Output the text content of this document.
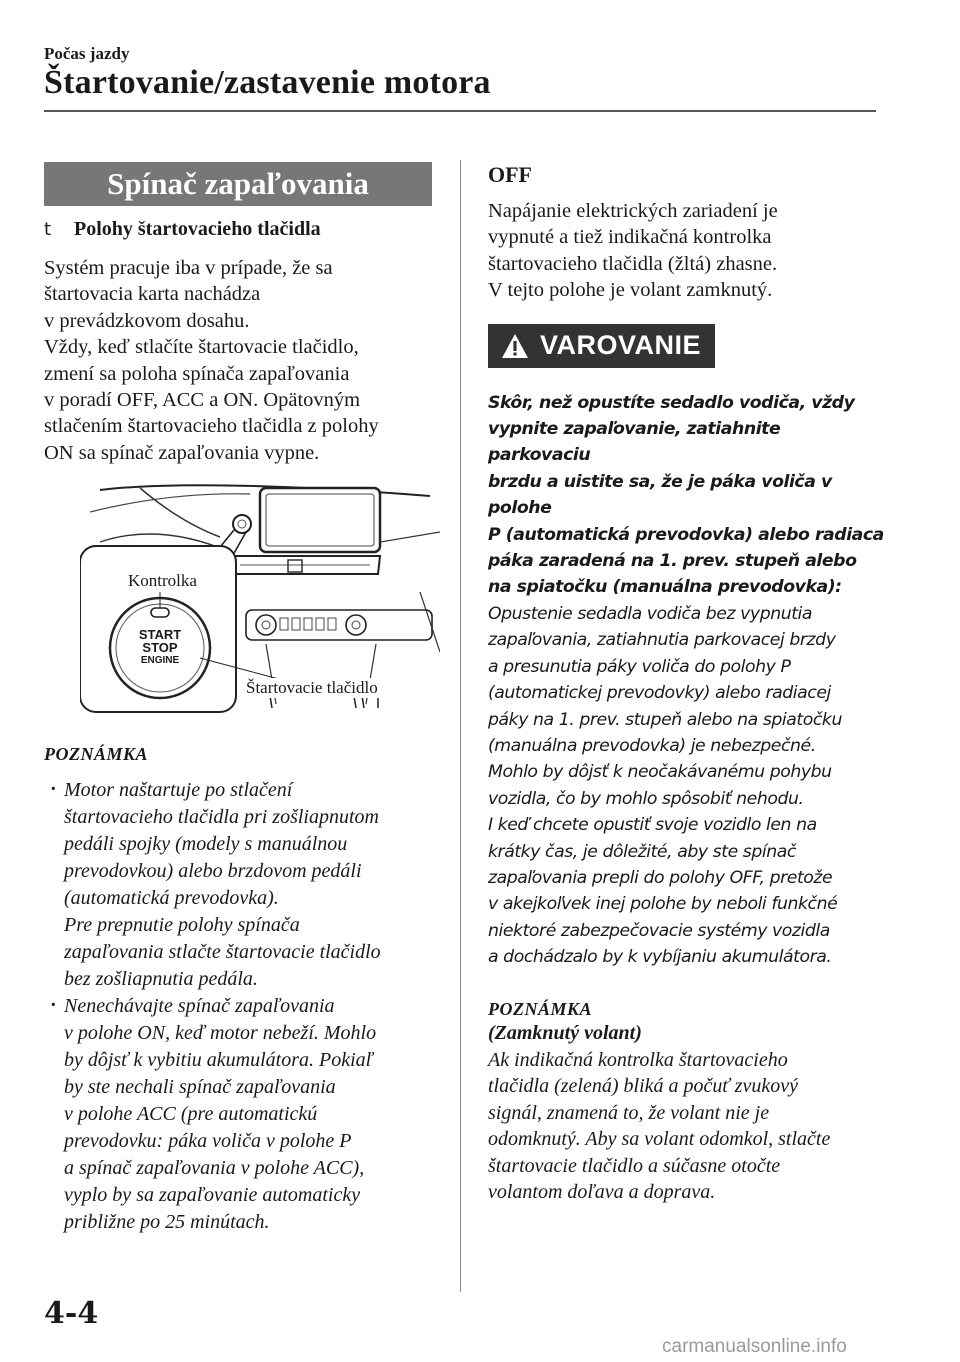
Počas jazdy
Štartovanie/zastavenie motora
Spínač zapaľovania
t	Polohy štartovacieho tlačidla
Systém pracuje iba v prípade, že sa
štartovacia karta nachádza
v prevádzkovom dosahu.
Vždy, keď stlačíte štartovacie tlačidlo,
zmení sa poloha spínača zapaľovania
v poradí OFF, ACC a ON. Opätovným
stlačením štartovacieho tlačidla z polohy
ON sa spínač zapaľovania vypne.
Kontrolka
START
STOP
ENGINE
Štartovacie tlačidlo
POZNÁMKA
· Motor naštartuje po stlačení
štartovacieho tlačidla pri zošliapnutom
pedáli spojky (modely s manuálnou
prevodovkou) alebo brzdovom pedáli
(automatická prevodovka).
Pre prepnutie polohy spínača
zapaľovania stlačte štartovacie tlačidlo
bez zošliapnutia pedála.
· Nenechávajte spínač zapaľovania
v polohe ON, keď motor nebeží. Mohlo
by dôjsť k vybitiu akumulátora. Pokiaľ
by ste nechali spínač zapaľovania
v polohe ACC (pre automatickú
prevodovku: páka voliča v polohe P
a spínač zapaľovania v polohe ACC),
vyplo by sa zapaľovanie automaticky
približne po 25 minútach.
OFF
Napájanie elektrických zariadení je
vypnuté a tiež indikačná kontrolka
štartovacieho tlačidla (žltá) zhasne.
V tejto polohe je volant zamknutý.
VAROVANIE
Skôr, než opustíte sedadlo vodiča, vždy
vypnite zapaľovanie, zatiahnite parkovaciu
brzdu a uistite sa, že je páka voliča v polohe
P (automatická prevodovka) alebo radiaca
páka zaradená na 1. prev. stupeň alebo
na spiatočku (manuálna prevodovka):
Opustenie sedadla vodiča bez vypnutia
zapaľovania, zatiahnutia parkovacej brzdy
a presunutia páky voliča do polohy P
(automatickej prevodovky) alebo radiacej
páky na 1. prev. stupeň alebo na spiatočku
(manuálna prevodovka) je nebezpečné.
Mohlo by dôjsť k neočakávanému pohybu
vozidla, čo by mohlo spôsobiť nehodu.
I keď chcete opustiť svoje vozidlo len na
krátky čas, je dôležité, aby ste spínač
zapaľovania prepli do polohy OFF, pretože
v akejkoľvek inej polohe by neboli funkčné
niektoré zabezpečovacie systémy vozidla
a dochádzalo by k vybíjaniu akumulátora.
POZNÁMKA
(Zamknutý volant)
Ak indikačná kontrolka štartovacieho
tlačidla (zelená) bliká a počuť zvukový
signál, znamená to, že volant nie je
odomknutý. Aby sa volant odomkol, stlačte
štartovacie tlačidlo a súčasne otočte
volantom doľava a doprava.
4-4
carmanualsonline.info
